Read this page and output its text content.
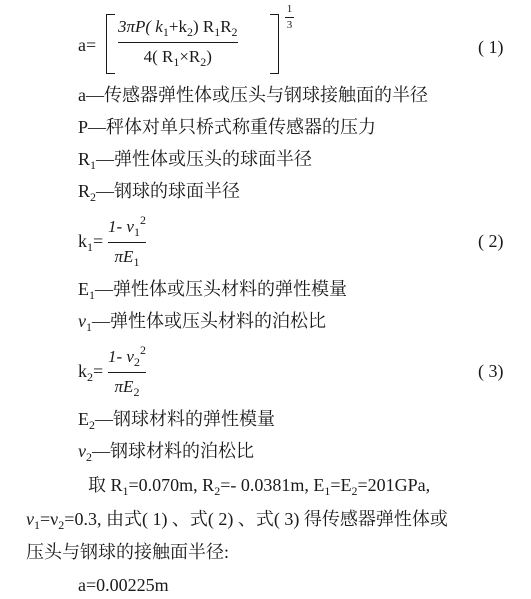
a=
3πP( $k_1+k_2$) $R_1R_2$
4( $R_1\times R_2$)
1
3
( 1)
a—传感器弹性体或压头与钢球接触面的半径
P—秤体对单只桥式称重传感器的压力
$R_1—$弹性体或压头的球面半径
$R_2—$钢球的球面半径
$k_1=$
1- $\nu_1^2$
$\pi E_1$
( 2)
$E_1—$弹性体或压头材料的弹性模量
$\nu_1—$弹性体或压头材料的泊松比
$k_2=$
1- $\nu_2^2$
$\pi E_2$
( 3)
$E_2—$钢球材料的弹性模量
$\nu_2—$钢球材料的泊松比
取 $R_1=0.070m$, $R_2=-$ 0.0381m, $E_1=E_2=201GPa$,
$\nu_1=\nu_2=0.3$, 由式( 1) 、式( 2) 、式( 3) 得传感器弹性体或
压头与钢球的接触面半径:
a=0.00225m
